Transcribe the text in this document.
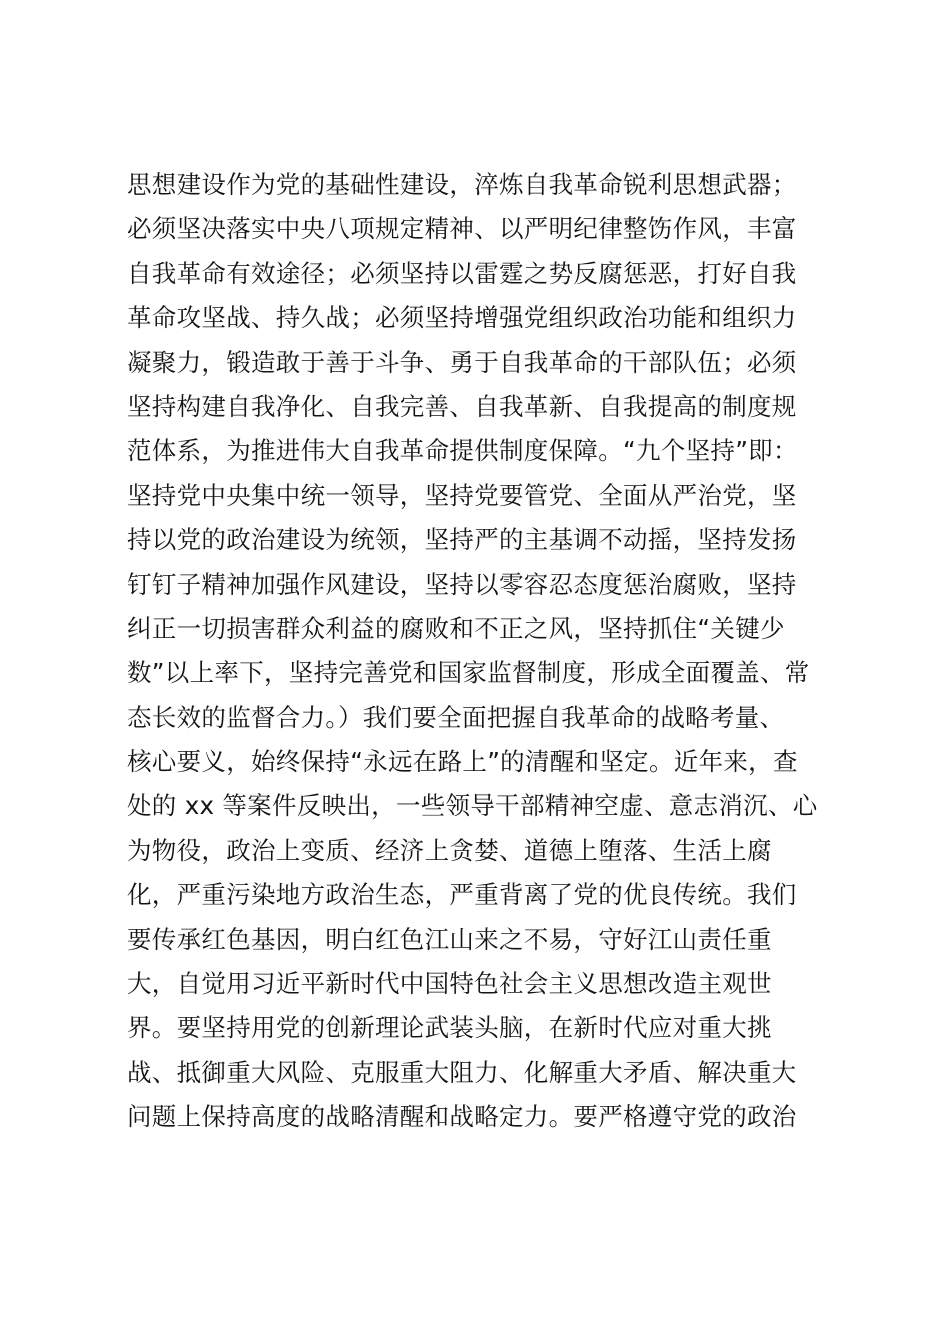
思想建设作为党的基础性建设，淬炼自我革命锐利思想武器；
必须坚决落实中央八项规定精神、以严明纪律整饬作风，丰富
自我革命有效途径；必须坚持以雷霆之势反腐惩恶，打好自我
革命攻坚战、持久战；必须坚持增强党组织政治功能和组织力
凝聚力，锻造敢于善于斗争、勇于自我革命的干部队伍；必须
坚持构建自我净化、自我完善、自我革新、自我提高的制度规
范体系，为推进伟大自我革命提供制度保障。“九个坚持”即：
坚持党中央集中统一领导，坚持党要管党、全面从严治党，坚
持以党的政治建设为统领，坚持严的主基调不动摇，坚持发扬
钉钉子精神加强作风建设，坚持以零容忍态度惩治腐败，坚持
纠正一切损害群众利益的腐败和不正之风，坚持抓住“关键少
数”以上率下，坚持完善党和国家监督制度，形成全面覆盖、常
态长效的监督合力。）我们要全面把握自我革命的战略考量、
核心要义，始终保持“永远在路上”的清醒和坚定。近年来，查
处的 xx 等案件反映出，一些领导干部精神空虚、意志消沉、心
为物役，政治上变质、经济上贪婪、道德上堕落、生活上腐
化，严重污染地方政治生态，严重背离了党的优良传统。我们
要传承红色基因，明白红色江山来之不易，守好江山责任重
大，自觉用习近平新时代中国特色社会主义思想改造主观世
界。要坚持用党的创新理论武装头脑，在新时代应对重大挑
战、抵御重大风险、克服重大阻力、化解重大矛盾、解决重大
问题上保持高度的战略清醒和战略定力。要严格遵守党的政治
